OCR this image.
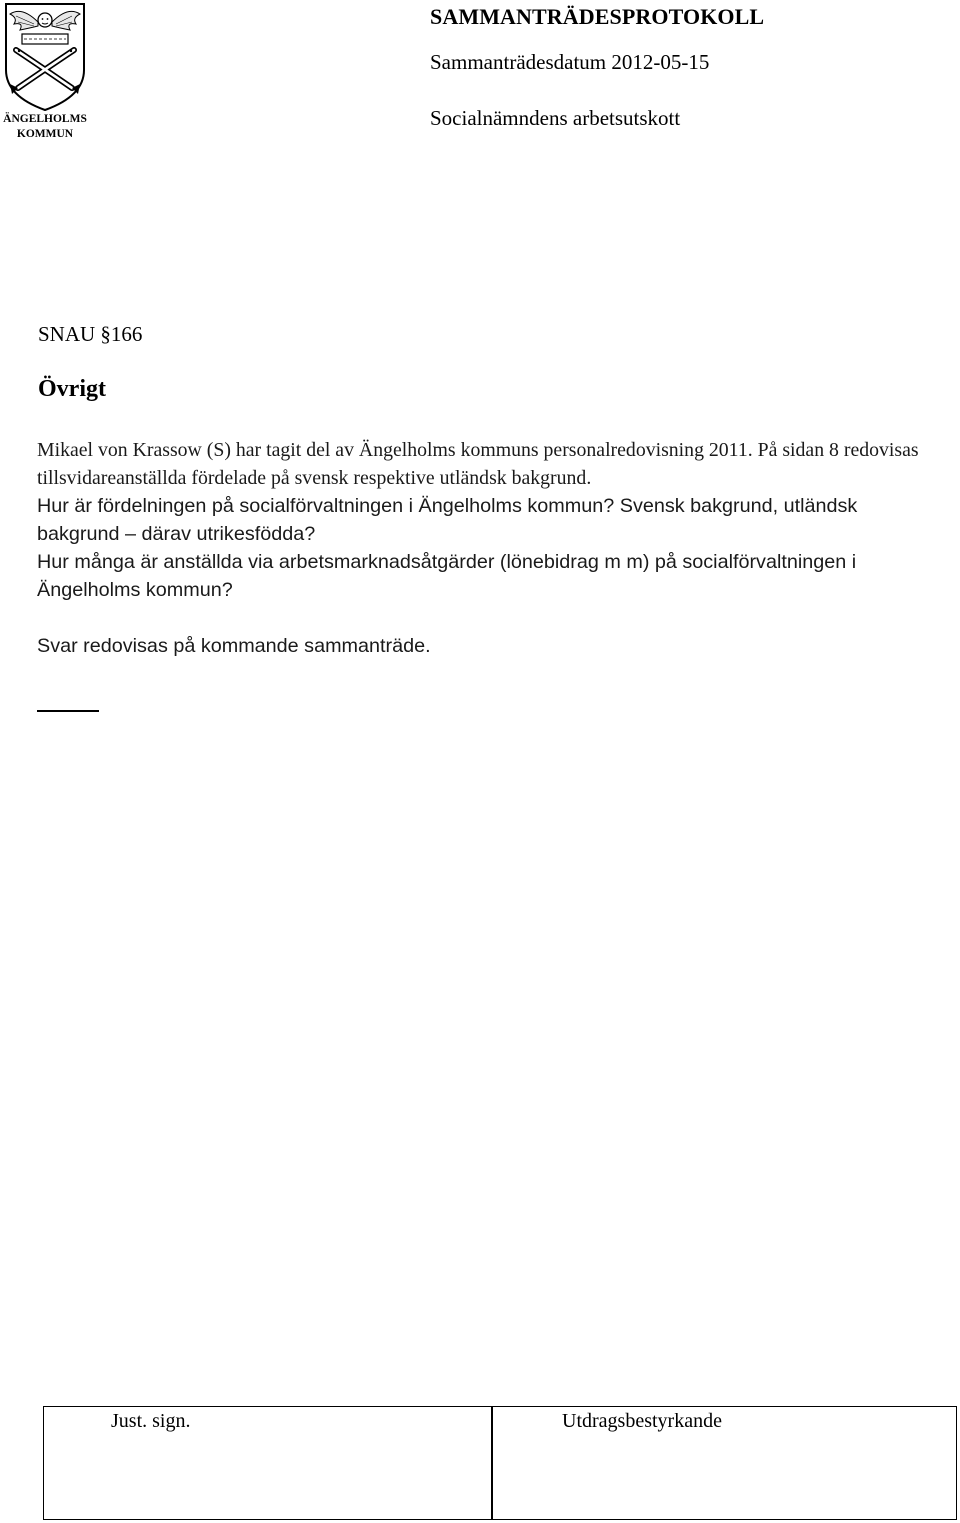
ÄNGELHOLMS
KOMMUN
SAMMANTRÄDESPROTOKOLL
Sammanträdesdatum 2012-05-15
Socialnämndens arbetsutskott
SNAU §166
Övrigt

Mikael von Krassow (S) har tagit del av Ängelholms kommuns personalredovisning 2011. På sidan 8 redovisas tillsvidareanställda fördelade på svensk respektive utländsk bakgrund.

Hur är fördelningen på socialförvaltningen i Ängelholms kommun? Svensk bakgrund, utländsk bakgrund – därav utrikesfödda?

Hur många är anställda via arbetsmarknadsåtgärder (lönebidrag m m) på socialförvaltningen i Ängelholms kommun?

Svar redovisas på kommande sammanträde.

Just. sign.	Utdragsbestyrkande
